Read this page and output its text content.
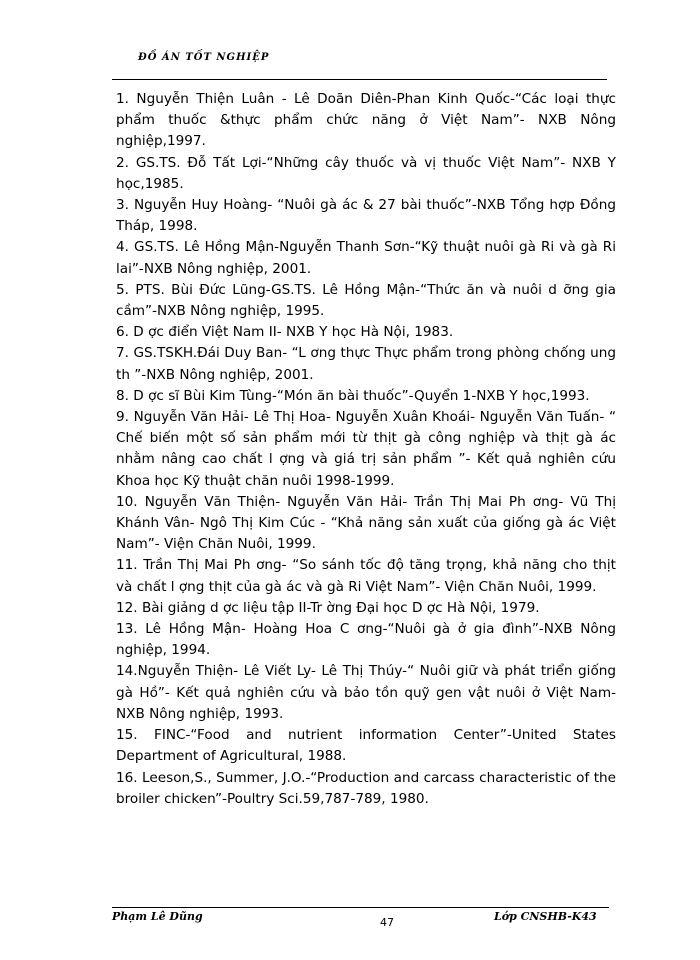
ĐỒ ÁN TỐT NGHIỆP
1. Nguyễn Thiện Luân - Lê Doãn Diên-Phan Kinh Quốc-“Các loại thực phẩm thuốc &thực phẩm chức năng ở Việt Nam”- NXB Nông nghiệp,1997.
2. GS.TS. Đỗ Tất Lợi-“Những cây thuốc và vị thuốc Việt Nam”- NXB Y học,1985.
3. Nguyễn Huy Hoàng- “Nuôi gà ác & 27 bài thuốc”-NXB Tổng hợp Đồng Tháp, 1998.
4. GS.TS. Lê Hồng Mận-Nguyễn Thanh Sơn-“Kỹ thuật nuôi gà Ri và gà Ri lai”-NXB Nông nghiệp, 2001.
5. PTS. Bùi Đức Lũng-GS.TS. Lê Hồng Mận-“Thức ăn và nuôi d ỡng gia cầm”-NXB Nông nghiệp, 1995.
6. D ợc điển Việt Nam II- NXB Y học Hà Nội, 1983.
7. GS.TSKH.Đái Duy Ban- “L ơng thực Thực phẩm trong phòng chống ung th ”-NXB Nông nghiệp, 2001.
8. D ợc sĩ Bùi Kim Tùng-“Món ăn bài thuốc”-Quyển 1-NXB Y học,1993.
9. Nguyễn Văn Hải- Lê Thị Hoa- Nguyễn Xuân Khoái- Nguyễn Văn Tuấn- “ Chế biến một số sản phẩm mới từ thịt gà công nghiệp và thịt gà ác nhằm nâng cao chất l ợng và giá trị sản phẩm ”- Kết quả nghiên cứu Khoa học Kỹ thuật chăn nuôi 1998-1999.
10. Nguyễn Văn Thiện- Nguyễn Văn Hải- Trần Thị Mai Ph ơng- Vũ Thị Khánh Vân- Ngô Thị Kim Cúc - “Khả năng sản xuất của giống gà ác Việt Nam”- Viện Chăn Nuôi, 1999.
11. Trần Thị Mai Ph ơng- “So sánh tốc độ tăng trọng, khả năng cho thịt và chất l ợng thịt của gà ác và gà Ri Việt Nam”- Viện Chăn Nuôi, 1999.
12. Bài giảng d ợc liệu tập II-Tr ờng Đại học D ợc Hà Nội, 1979.
13. Lê Hồng Mận- Hoàng Hoa C ơng-“Nuôi gà ở gia đình”-NXB Nông nghiệp, 1994.
14.Nguyễn Thiện- Lê Viết Ly- Lê Thị Thúy-“ Nuôi giữ và phát triển giống gà Hồ”- Kết quả nghiên cứu và bảo tồn quỹ gen vật nuôi ở Việt Nam- NXB Nông nghiệp, 1993.
15. FINC-“Food and nutrient information Center”-United States Department of Agricultural, 1988.
16. Leeson,S., Summer, J.O.-“Production and carcass characteristic of the broiler chicken”-Poultry Sci.59,787-789, 1980.
Phạm Lê Dũng	47	Lớp CNSHB-K43
